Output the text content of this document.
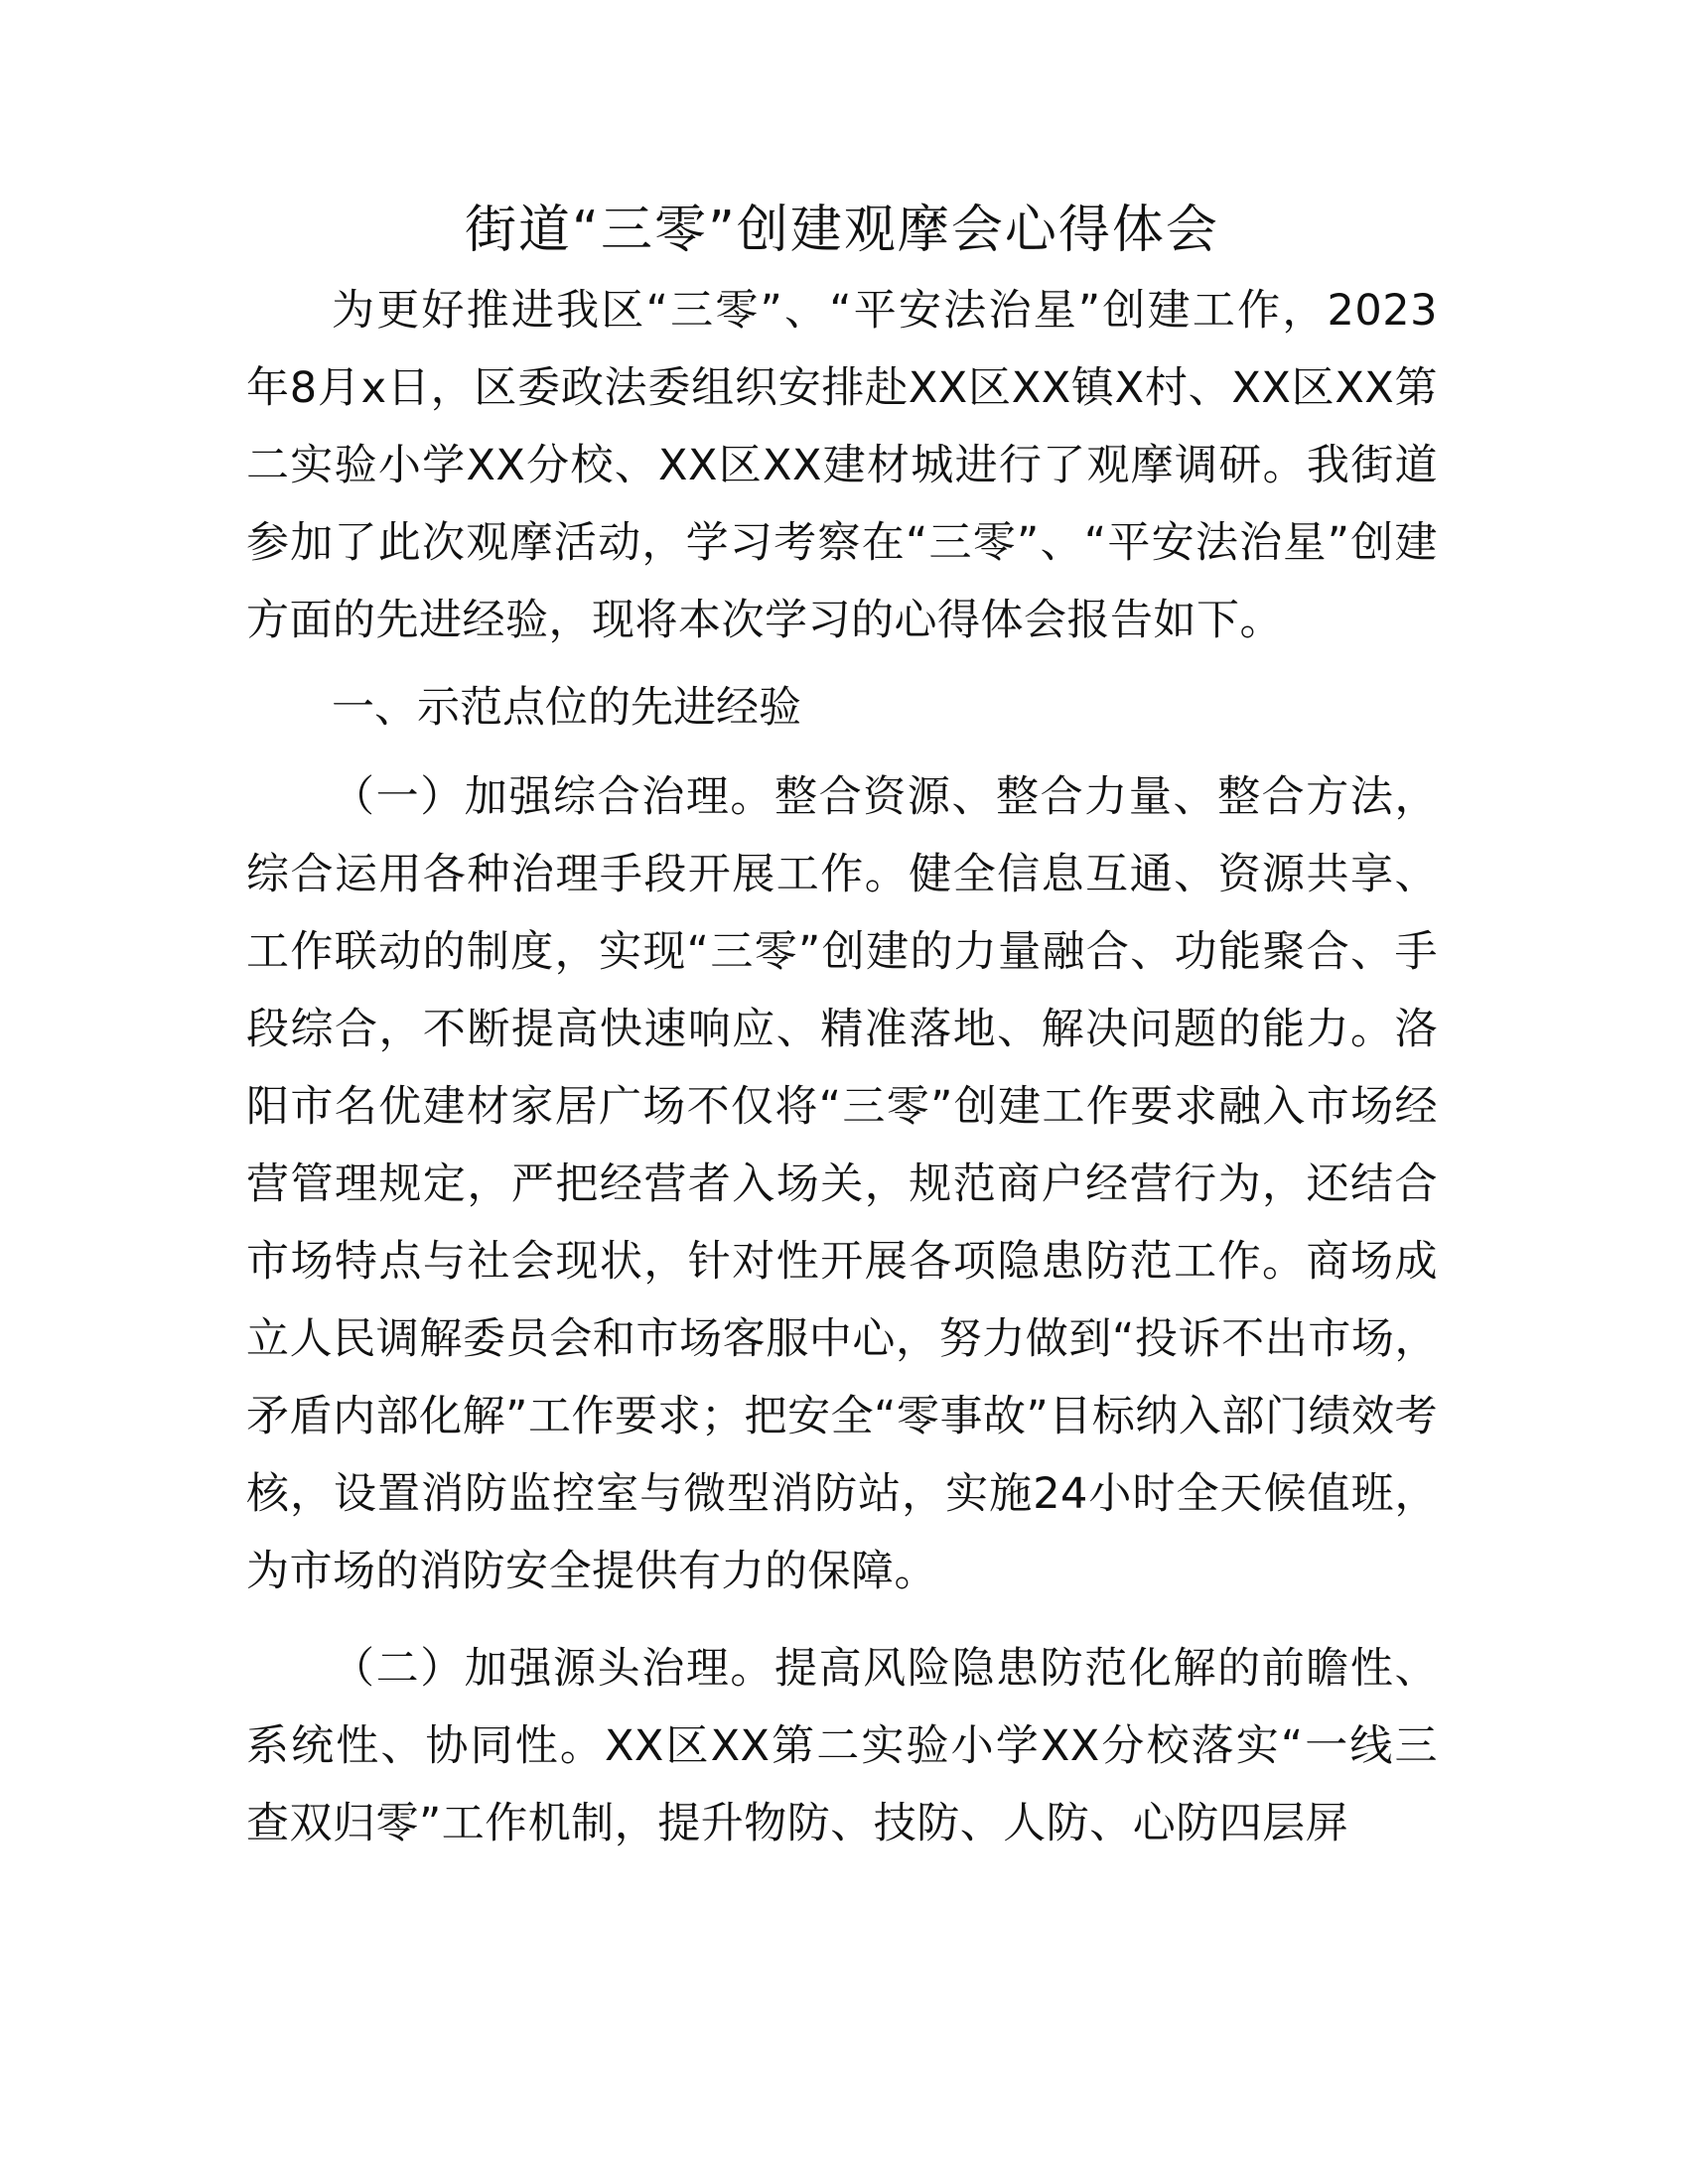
街道“三零”创建观摩会心得体会

为更好推进我区“三零”、“平安法治星”创建工作，2023年8月x日，区委政法委组织安排赴XX区XX镇X村、XX区XX第二实验小学XX分校、XX区XX建材城进行了观摩调研。我街道参加了此次观摩活动，学习考察在“三零”、“平安法治星”创建方面的先进经验，现将本次学习的心得体会报告如下。

一、示范点位的先进经验

（一）加强综合治理。整合资源、整合力量、整合方法，综合运用各种治理手段开展工作。健全信息互通、资源共享、工作联动的制度，实现“三零”创建的力量融合、功能聚合、手段综合，不断提高快速响应、精准落地、解决问题的能力。洛阳市名优建材家居广场不仅将“三零”创建工作要求融入市场经营管理规定，严把经营者入场关，规范商户经营行为，还结合市场特点与社会现状，针对性开展各项隐患防范工作。商场成立人民调解委员会和市场客服中心，努力做到“投诉不出市场，矛盾内部化解”工作要求；把安全“零事故”目标纳入部门绩效考核，设置消防监控室与微型消防站，实施24小时全天候值班，为市场的消防安全提供有力的保障。

（二）加强源头治理。提高风险隐患防范化解的前瞻性、系统性、协同性。XX区XX第二实验小学XX分校落实“一线三查双归零”工作机制，提升物防、技防、人防、心防四层屏
